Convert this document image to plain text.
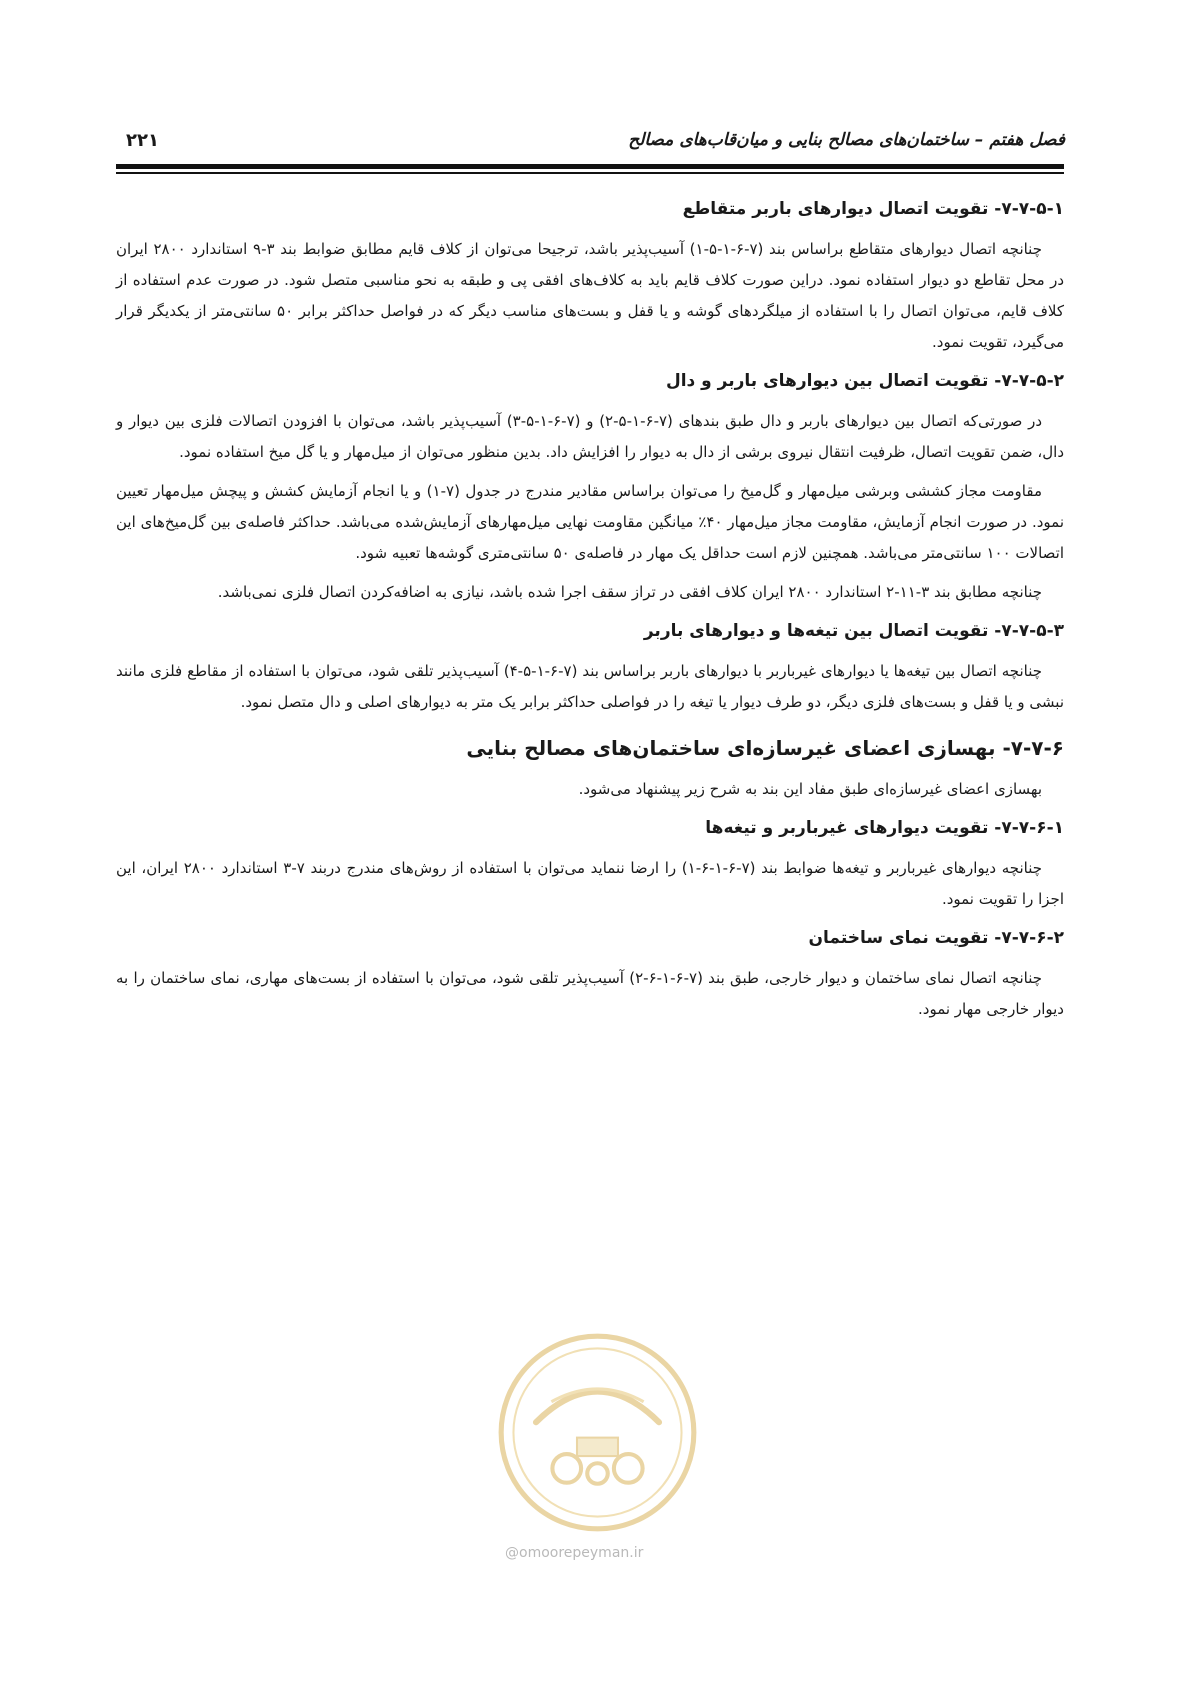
فصل هفتم – ساختمان‌های مصالح بنایی و میان‌قاب‌های مصالح
۲۲۱
۷-۷-۵-۱- تقویت اتصال دیوارهای باربر متقاطع

چنانچه اتصال دیوارهای متقاطع براساس بند (۷-۶-۱-۵-۱) آسیب‌پذیر باشد، ترجیحا می‌توان از کلاف قایم مطابق ضوابط بند ۳-۹ استاندارد ۲۸۰۰ ایران در محل تقاطع دو دیوار استفاده نمود. دراین صورت کلاف قایم باید به کلاف‌های افقی پی و طبقه به نحو مناسبی متصل شود. در صورت عدم استفاده از کلاف قایم، می‌توان اتصال را با استفاده از میلگردهای گوشه و یا قفل و بست‌های مناسب دیگر که در فواصل حداکثر برابر ۵۰ سانتی‌متر از یکدیگر قرار می‌گیرد، تقویت نمود.

۷-۷-۵-۲- تقویت اتصال بین دیوارهای باربر و دال

در صورتی‌که اتصال بین دیوارهای باربر و دال طبق بندهای (۷-۶-۱-۵-۲) و (۷-۶-۱-۵-۳) آسیب‌پذیر باشد، می‌توان با افزودن اتصالات فلزی بین دیوار و دال، ضمن تقویت اتصال، ظرفیت انتقال نیروی برشی از دال به دیوار را افزایش داد. بدین منظور می‌توان از میل‌مهار و یا گل میخ استفاده نمود.

مقاومت مجاز کششی وبرشی میل‌مهار و گل‌میخ را می‌توان براساس مقادیر مندرج در جدول (۷-۱) و یا انجام آزمایش کشش و پیچش میل‌مهار تعیین نمود. در صورت انجام آزمایش، مقاومت مجاز میل‌مهار ۴۰٪ میانگین مقاومت نهایی میل‌مهارهای آزمایش‌شده می‌باشد. حداکثر فاصله‌ی بین گل‌میخ‌های این اتصالات ۱۰۰ سانتی‌متر می‌باشد. همچنین لازم است حداقل یک مهار در فاصله‌ی ۵۰ سانتی‌متری گوشه‌ها تعبیه شود.

چنانچه مطابق بند ۳-۱۱-۲ استاندارد ۲۸۰۰ ایران کلاف افقی در تراز سقف اجرا شده باشد، نیازی به اضافه‌کردن اتصال فلزی نمی‌باشد.

۷-۷-۵-۳- تقویت اتصال بین تیغه‌ها و دیوارهای باربر

چنانچه اتصال بین تیغه‌ها یا دیوارهای غیرباربر با دیوارهای باربر براساس بند (۷-۶-۱-۵-۴) آسیب‌پذیر تلقی شود، می‌توان با استفاده از مقاطع فلزی مانند نبشی و یا قفل و بست‌های فلزی دیگر، دو طرف دیوار یا تیغه را در فواصلی حداکثر برابر یک متر به دیوارهای اصلی و دال متصل نمود.

۷-۷-۶- بهسازی اعضای غیرسازه‌ای ساختمان‌های مصالح بنایی

بهسازی اعضای غیرسازه‌ای طبق مفاد این بند به شرح زیر پیشنهاد می‌شود.

۷-۷-۶-۱- تقویت دیوارهای غیرباربر و تیغه‌ها

چنانچه دیوارهای غیرباربر و تیغه‌ها ضوابط بند (۷-۶-۱-۶-۱) را ارضا ننماید می‌توان با استفاده از روش‌های مندرج دربند ۷-۳ استاندارد ۲۸۰۰ ایران، این اجزا را تقویت نمود.

۷-۷-۶-۲- تقویت نمای ساختمان

چنانچه اتصال نمای ساختمان و دیوار خارجی، طبق بند (۷-۶-۱-۶-۲) آسیب‌پذیر تلقی شود، می‌توان با استفاده از بست‌های مهاری، نمای ساختمان را به دیوار خارجی مهار نمود.

@omoorepeyman.ir
